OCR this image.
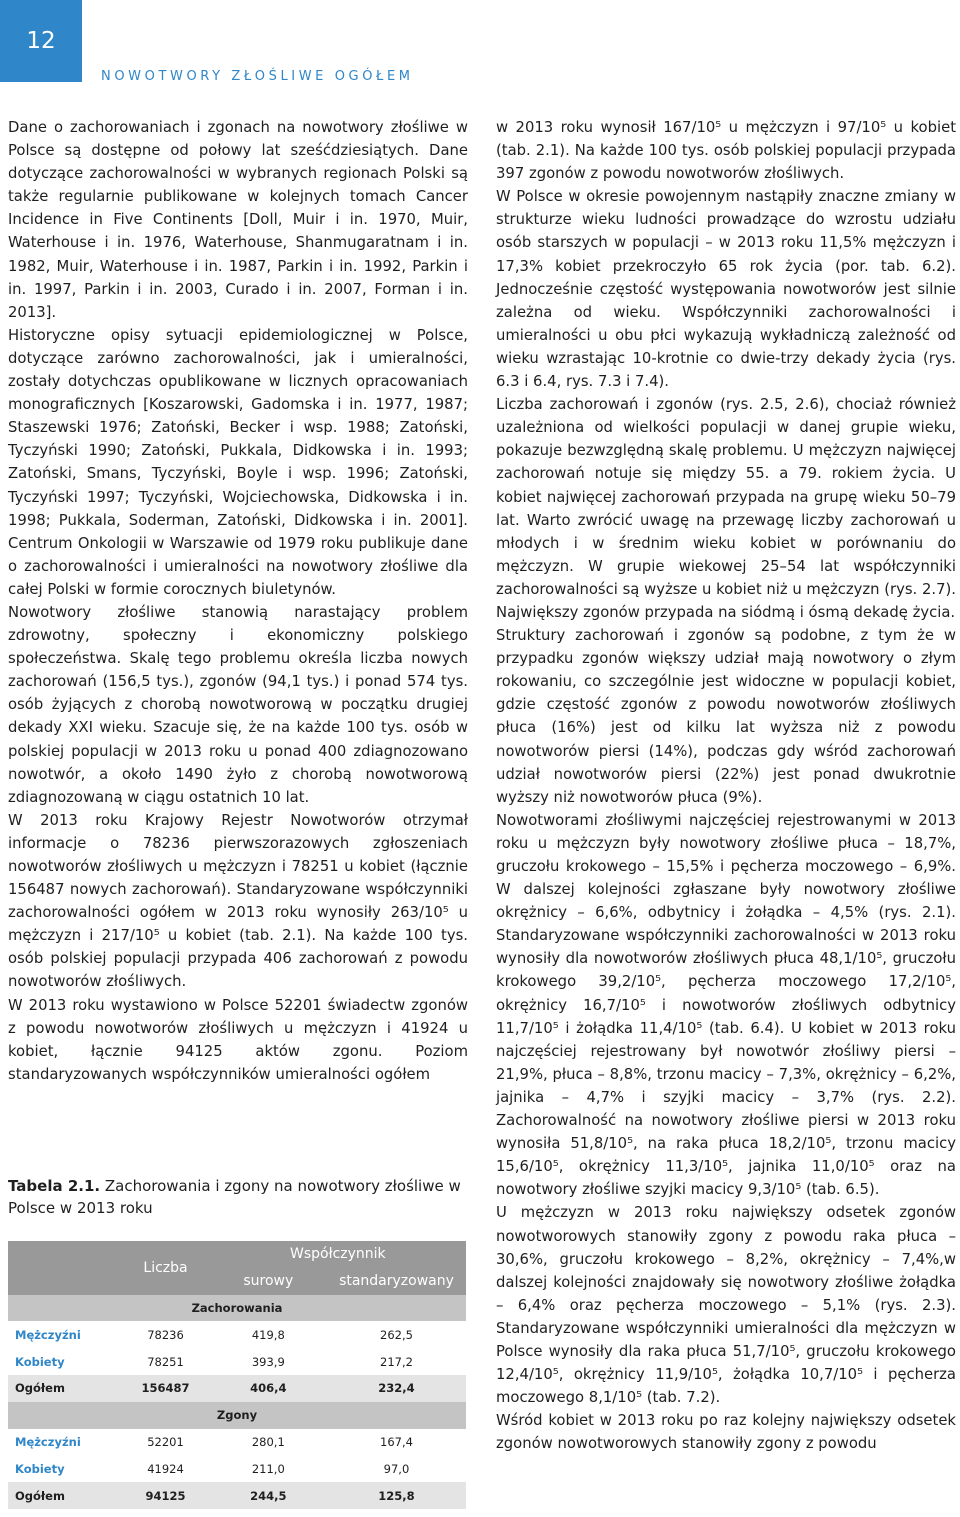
12
NOWOTWORY ZŁOŚLIWE OGÓŁEM

Dane o zachorowaniach i zgonach na nowotwory złośliwe w Polsce są dostępne od połowy lat sześćdziesiątych. Dane dotyczące zachorowalności w wybranych regionach Polski są także regularnie publikowane w kolejnych tomach Cancer Incidence in Five Continents [Doll, Muir i in. 1970, Muir, Waterhouse i in. 1976, Waterhouse, Shanmugaratnam i in. 1982, Muir, Waterhouse i in. 1987, Parkin i in. 1992, Parkin i in. 1997, Parkin i in. 2003, Curado i in. 2007, Forman i in. 2013].

Historyczne opisy sytuacji epidemiologicznej w Polsce, dotyczące zarówno zachorowalności, jak i umieralności, zostały dotychczas opublikowane w licznych opracowaniach monograficznych [Koszarowski, Gadomska i in. 1977, 1987; Staszewski 1976; Zatoński, Becker i wsp. 1988; Zatoński, Tyczyński 1990; Zatoński, Pukkala, Didkowska i in. 1993; Zatoński, Smans, Tyczyński, Boyle i wsp. 1996; Zatoński, Tyczyński 1997; Tyczyński, Wojciechowska, Didkowska i in. 1998; Pukkala, Soderman, Zatoński, Didkowska i in. 2001]. Centrum Onkologii w Warszawie od 1979 roku publikuje dane o zachorowalności i umieralności na nowotwory złośliwe dla całej Polski w formie corocznych biuletynów.

Nowotwory złośliwe stanowią narastający problem zdrowotny, społeczny i ekonomiczny polskiego społeczeństwa. Skalę tego problemu określa liczba nowych zachorowań (156,5 tys.), zgonów (94,1 tys.) i ponad 574 tys. osób żyjących z chorobą nowotworową w początku drugiej dekady XXI wieku. Szacuje się, że na każde 100 tys. osób w polskiej populacji w 2013 roku u ponad 400 zdiagnozowano nowotwór, a około 1490 żyło z chorobą nowotworową zdiagnozowaną w ciągu ostatnich 10 lat.

W 2013 roku Krajowy Rejestr Nowotworów otrzymał informacje o 78236 pierwszorazowych zgłoszeniach nowotworów złośliwych u mężczyzn i 78251 u kobiet (łącznie 156487 nowych zachorowań). Standaryzowane współczynniki zachorowalności ogółem w 2013 roku wynosiły 263/10⁵ u mężczyzn i 217/10⁵ u kobiet (tab. 2.1). Na każde 100 tys. osób polskiej populacji przypada 406 zachorowań z powodu nowotworów złośliwych.

W 2013 roku wystawiono w Polsce 52201 świadectw zgonów z powodu nowotworów złośliwych u mężczyzn i 41924 u kobiet, łącznie 94125 aktów zgonu. Poziom standaryzowanych współczynników umieralności ogółem

Tabela 2.1. Zachorowania i zgony na nowotwory złośliwe w Polsce w 2013 roku
	Liczba	Współczynnik	
		surowy	standaryzowany
Zachorowania			
Mężczyźni	78236	419,8	262,5
Kobiety	78251	393,9	217,2
Ogółem	156487	406,4	232,4
Zgony			
Mężczyźni	52201	280,1	167,4
Kobiety	41924	211,0	97,0
Ogółem	94125	244,5	125,8

w 2013 roku wynosił 167/10⁵ u mężczyzn i 97/10⁵ u kobiet (tab. 2.1). Na każde 100 tys. osób polskiej populacji przypada 397 zgonów z powodu nowotworów złośliwych.

W Polsce w okresie powojennym nastąpiły znaczne zmiany w strukturze wieku ludności prowadzące do wzrostu udziału osób starszych w populacji – w 2013 roku 11,5% mężczyzn i 17,3% kobiet przekroczyło 65 rok życia (por. tab. 6.2). Jednocześnie częstość występowania nowotworów jest silnie zależna od wieku. Współczynniki zachorowalności i umieralności u obu płci wykazują wykładniczą zależność od wieku wzrastając 10-krotnie co dwie-trzy dekady życia (rys. 6.3 i 6.4, rys. 7.3 i 7.4).

Liczba zachorowań i zgonów (rys. 2.5, 2.6), chociaż również uzależniona od wielkości populacji w danej grupie wieku, pokazuje bezwzględną skalę problemu. U mężczyzn najwięcej zachorowań notuje się między 55. a 79. rokiem życia. U kobiet najwięcej zachorowań przypada na grupę wieku 50–79 lat. Warto zwrócić uwagę na przewagę liczby zachorowań u młodych i w średnim wieku kobiet w porównaniu do mężczyzn. W grupie wiekowej 25–54 lat współczynniki zachorowalności są wyższe u kobiet niż u mężczyzn (rys. 2.7). Największy zgonów przypada na siódmą i ósmą dekadę życia.

Struktury zachorowań i zgonów są podobne, z tym że w przypadku zgonów większy udział mają nowotwory o złym rokowaniu, co szczególnie jest widoczne w populacji kobiet, gdzie częstość zgonów z powodu nowotworów złośliwych płuca (16%) jest od kilku lat wyższa niż z powodu nowotworów piersi (14%), podczas gdy wśród zachorowań udział nowotworów piersi (22%) jest ponad dwukrotnie wyższy niż nowotworów płuca (9%).

Nowotworami złośliwymi najczęściej rejestrowanymi w 2013 roku u mężczyzn były nowotwory złośliwe płuca – 18,7%, gruczołu krokowego – 15,5% i pęcherza moczowego – 6,9%. W dalszej kolejności zgłaszane były nowotwory złośliwe okrężnicy – 6,6%, odbytnicy i żołądka – 4,5% (rys. 2.1). Standaryzowane współczynniki zachorowalności w 2013 roku wynosiły dla nowotworów złośliwych płuca 48,1/10⁵, gruczołu krokowego 39,2/10⁵, pęcherza moczowego 17,2/10⁵, okrężnicy 16,7/10⁵ i nowotworów złośliwych odbytnicy 11,7/10⁵ i żołądka 11,4/10⁵ (tab. 6.4). U kobiet w 2013 roku najczęściej rejestrowany był nowotwór złośliwy piersi – 21,9%, płuca – 8,8%, trzonu macicy – 7,3%, okrężnicy – 6,2%, jajnika – 4,7% i szyjki macicy – 3,7% (rys. 2.2). Zachorowalność na nowotwory złośliwe piersi w 2013 roku wynosiła 51,8/10⁵, na raka płuca 18,2/10⁵, trzonu macicy 15,6/10⁵, okrężnicy 11,3/10⁵, jajnika 11,0/10⁵ oraz na nowotwory złośliwe szyjki macicy 9,3/10⁵ (tab. 6.5).

U mężczyzn w 2013 roku największy odsetek zgonów nowotworowych stanowiły zgony z powodu raka płuca – 30,6%, gruczołu krokowego – 8,2%, okrężnicy – 7,4%,w dalszej kolejności znajdowały się nowotwory złośliwe żołądka – 6,4% oraz pęcherza moczowego – 5,1% (rys. 2.3). Standaryzowane współczynniki umieralności dla mężczyzn w Polsce wynosiły dla raka płuca 51,7/10⁵, gruczołu krokowego 12,4/10⁵, okrężnicy 11,9/10⁵, żołądka 10,7/10⁵ i pęcherza moczowego 8,1/10⁵ (tab. 7.2).

Wśród kobiet w 2013 roku po raz kolejny największy odsetek zgonów nowotworowych stanowiły zgony z powodu
